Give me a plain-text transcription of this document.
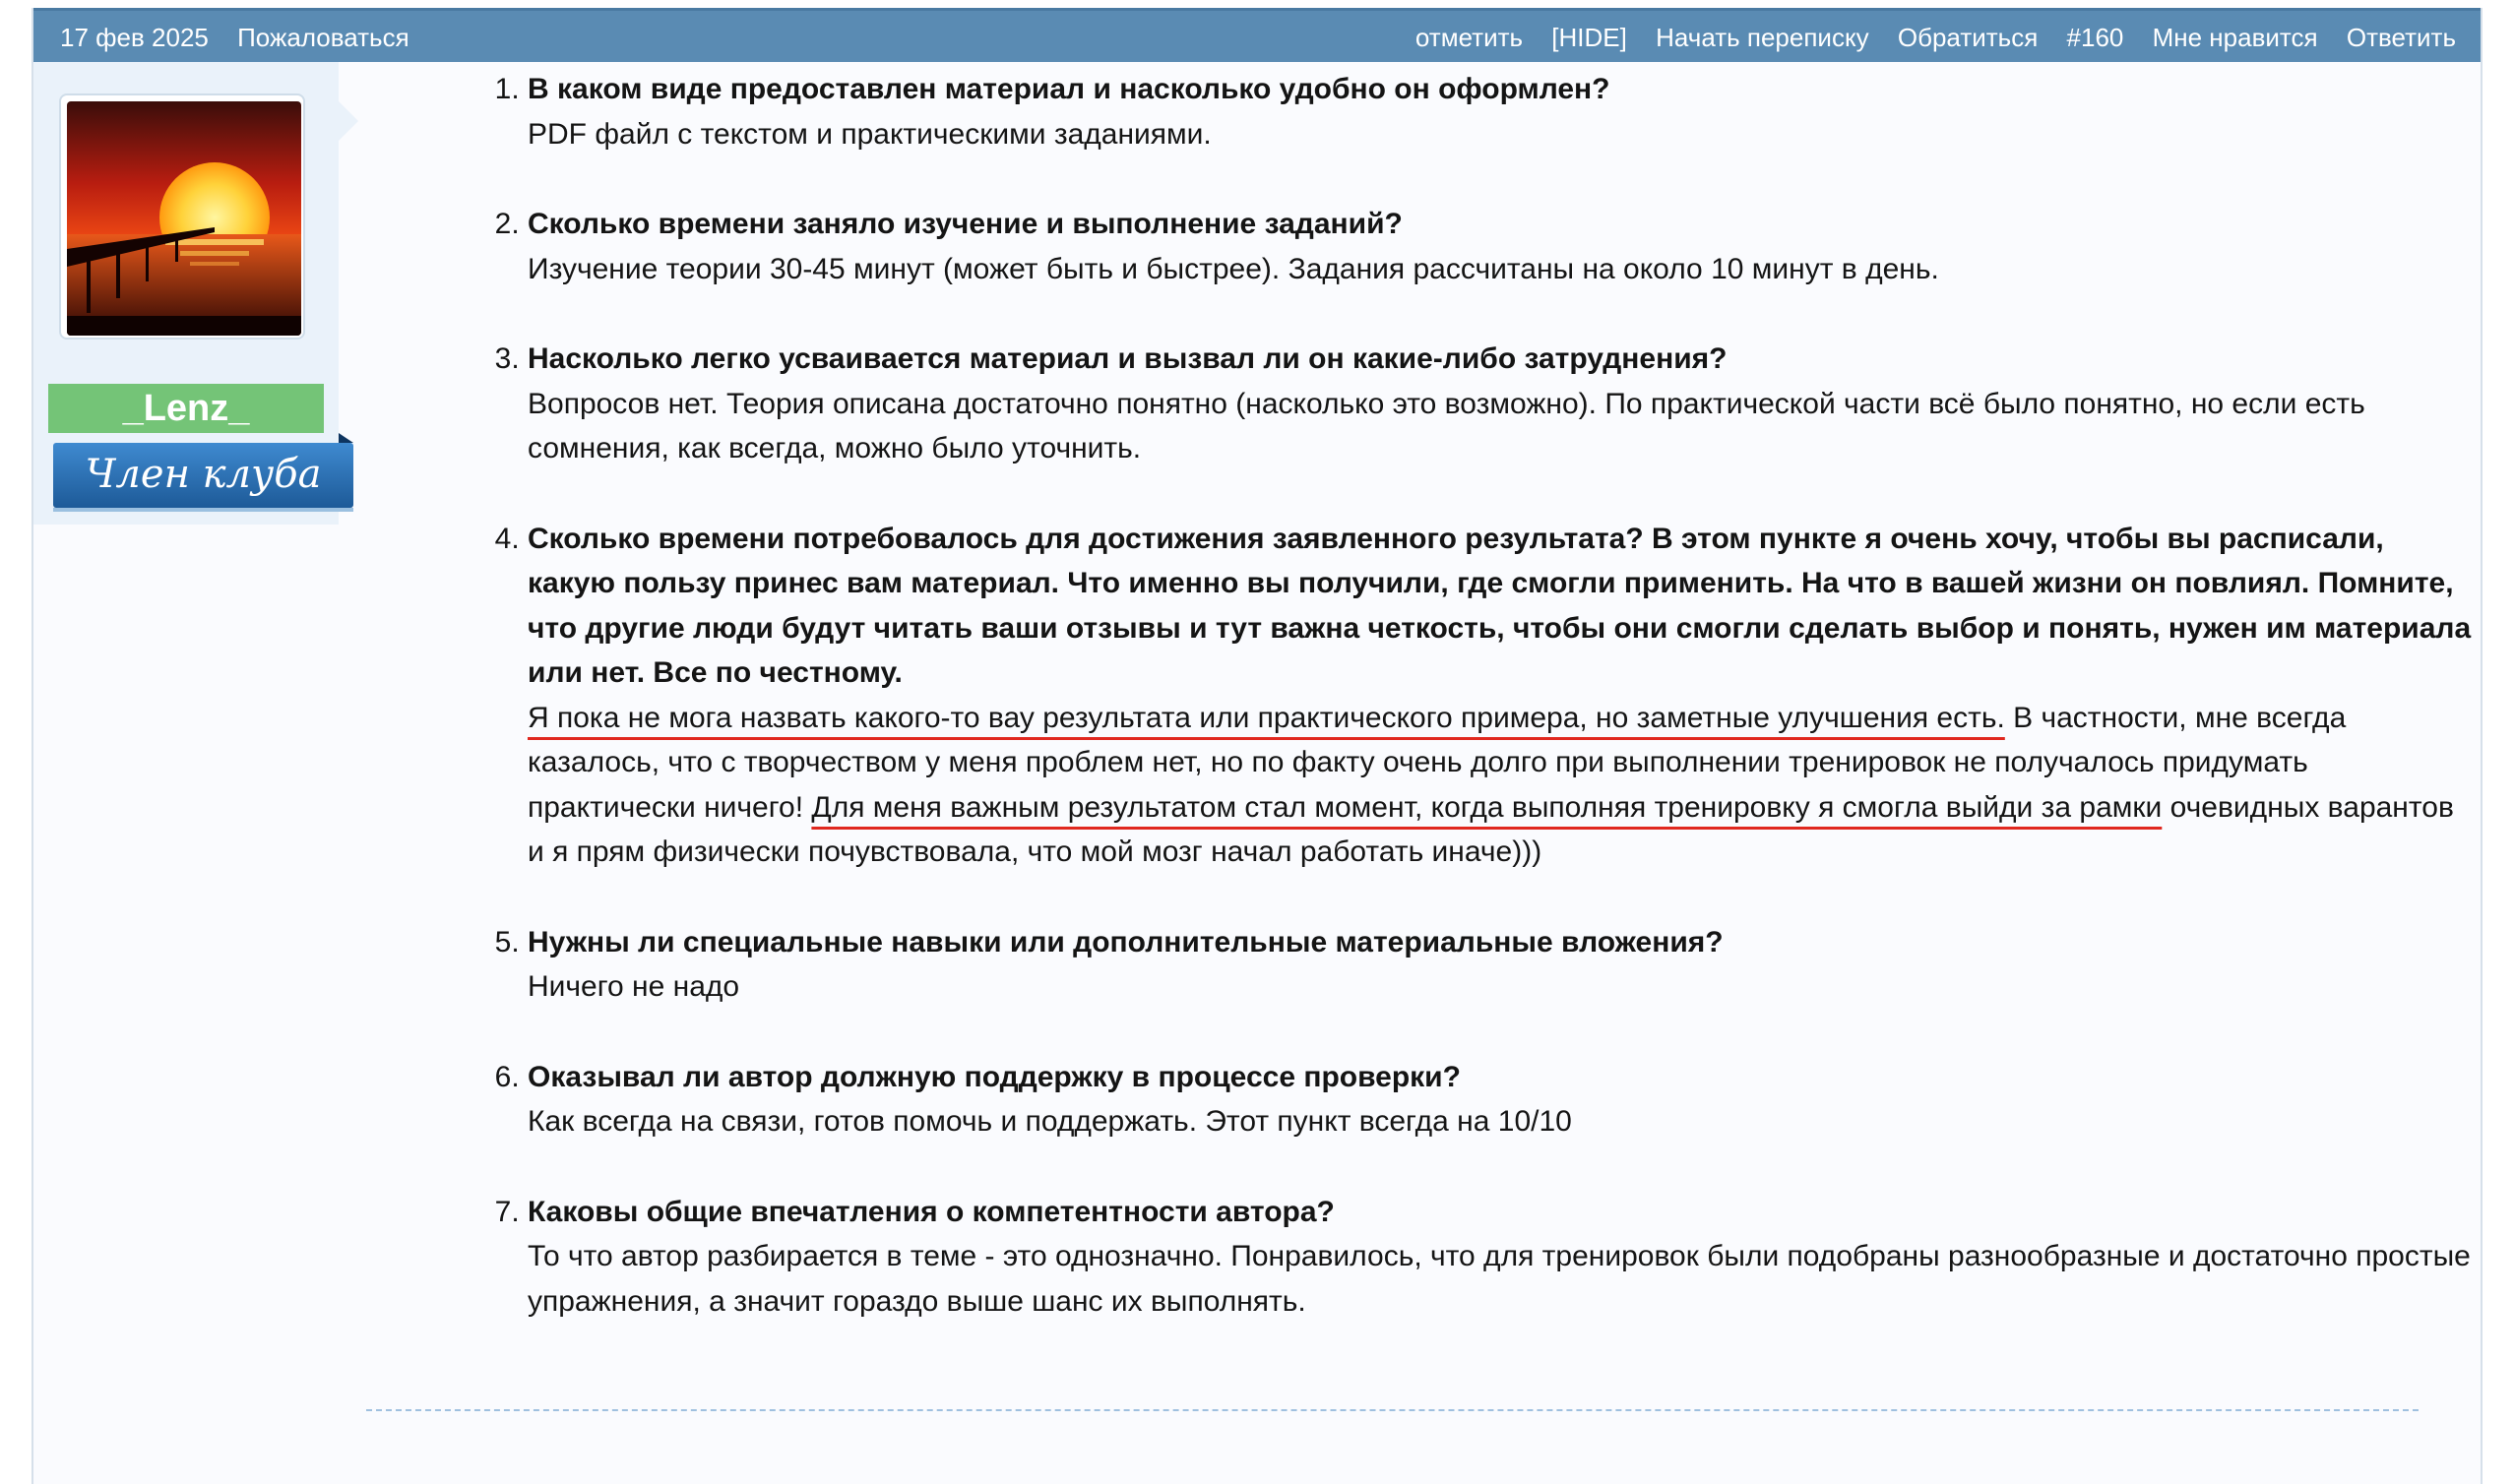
17 фев 2025 Пожаловаться	отметить [HIDE] Начать переписку Обратиться #160 Мне нравится Ответить
_Lenz_
Член клуба
1. В каком виде предоставлен материал и насколько удобно он оформлен?
PDF файл с текстом и практическими заданиями.
2. Сколько времени заняло изучение и выполнение заданий?
Изучение теории 30-45 минут (может быть и быстрее). Задания рассчитаны на около 10 минут в день.
3. Насколько легко усваивается материал и вызвал ли он какие-либо затруднения?
Вопросов нет. Теория описана достаточно понятно (насколько это возможно). По практической части всё было понятно, но если есть сомнения, как всегда, можно было уточнить.
4. Сколько времени потребовалось для достижения заявленного результата? В этом пункте я очень хочу, чтобы вы расписали, какую пользу принес вам материал. Что именно вы получили, где смогли применить. На что в вашей жизни он повлиял. Помните, что другие люди будут читать ваши отзывы и тут важна четкость, чтобы они смогли сделать выбор и понять, нужен им материала или нет. Все по честному.
Я пока не мога назвать какого-то вау результата или практического примера, но заметные улучшения есть. В частности, мне всегда казалось, что с творчеством у меня проблем нет, но по факту очень долго при выполнении тренировок не получалось придумать практически ничего! Для меня важным результатом стал момент, когда выполняя тренировку я смогла выйди за рамки очевидных варантов и я прям физически почувствовала, что мой мозг начал работать иначе)))
5. Нужны ли специальные навыки или дополнительные материальные вложения?
Ничего не надо
6. Оказывал ли автор должную поддержку в процессе проверки?
Как всегда на связи, готов помочь и поддержать. Этот пункт всегда на 10/10
7. Каковы общие впечатления о компетентности автора?
То что автор разбирается в теме - это однозначно. Понравилось, что для тренировок были подобраны разнообразные и достаточно простые упражнения, а значит гораздо выше шанс их выполнять.
